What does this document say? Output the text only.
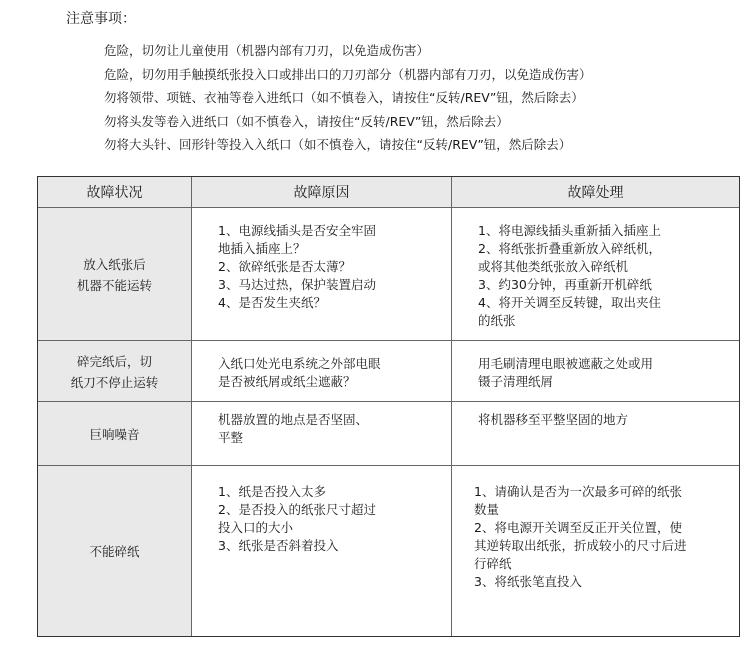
注意事项：
危险，切勿让儿童使用（机器内部有刀刃，以免造成伤害）
危险，切勿用手触摸纸张投入口或排出口的刀刃部分（机器内部有刀刃，以免造成伤害）
勿将领带、项链、衣袖等卷入进纸口（如不慎卷入，请按住“反转/REV”钮，然后除去）
勿将头发等卷入进纸口（如不慎卷入，请按住“反转/REV”钮，然后除去）
勿将大头针、回形针等投入入纸口（如不慎卷入，请按住“反转/REV”钮，然后除去）
故障状况	故障原因	故障处理
放入纸张后
机器不能运转
1、电源线插头是否安全牢固
地插入插座上？
2、欲碎纸张是否太薄？
3、马达过热，保护装置启动
4、是否发生夹纸？
1、将电源线插头重新插入插座上
2、将纸张折叠重新放入碎纸机，
或将其他类纸张放入碎纸机
3、约30分钟，再重新开机碎纸
4、将开关调至反转键，取出夹住
的纸张
碎完纸后，切
纸刀不停止运转
入纸口处光电系统之外部电眼
是否被纸屑或纸尘遮蔽？
用毛刷清理电眼被遮蔽之处或用
镊子清理纸屑
巨响噪音
机器放置的地点是否坚固、
平整
将机器移至平整坚固的地方
不能碎纸
1、纸是否投入太多
2、是否投入的纸张尺寸超过
投入口的大小
3、纸张是否斜着投入
1、请确认是否为一次最多可碎的纸张
数量
2、将电源开关调至反正开关位置，使
其逆转取出纸张，折成较小的尺寸后进
行碎纸
3、将纸张笔直投入
